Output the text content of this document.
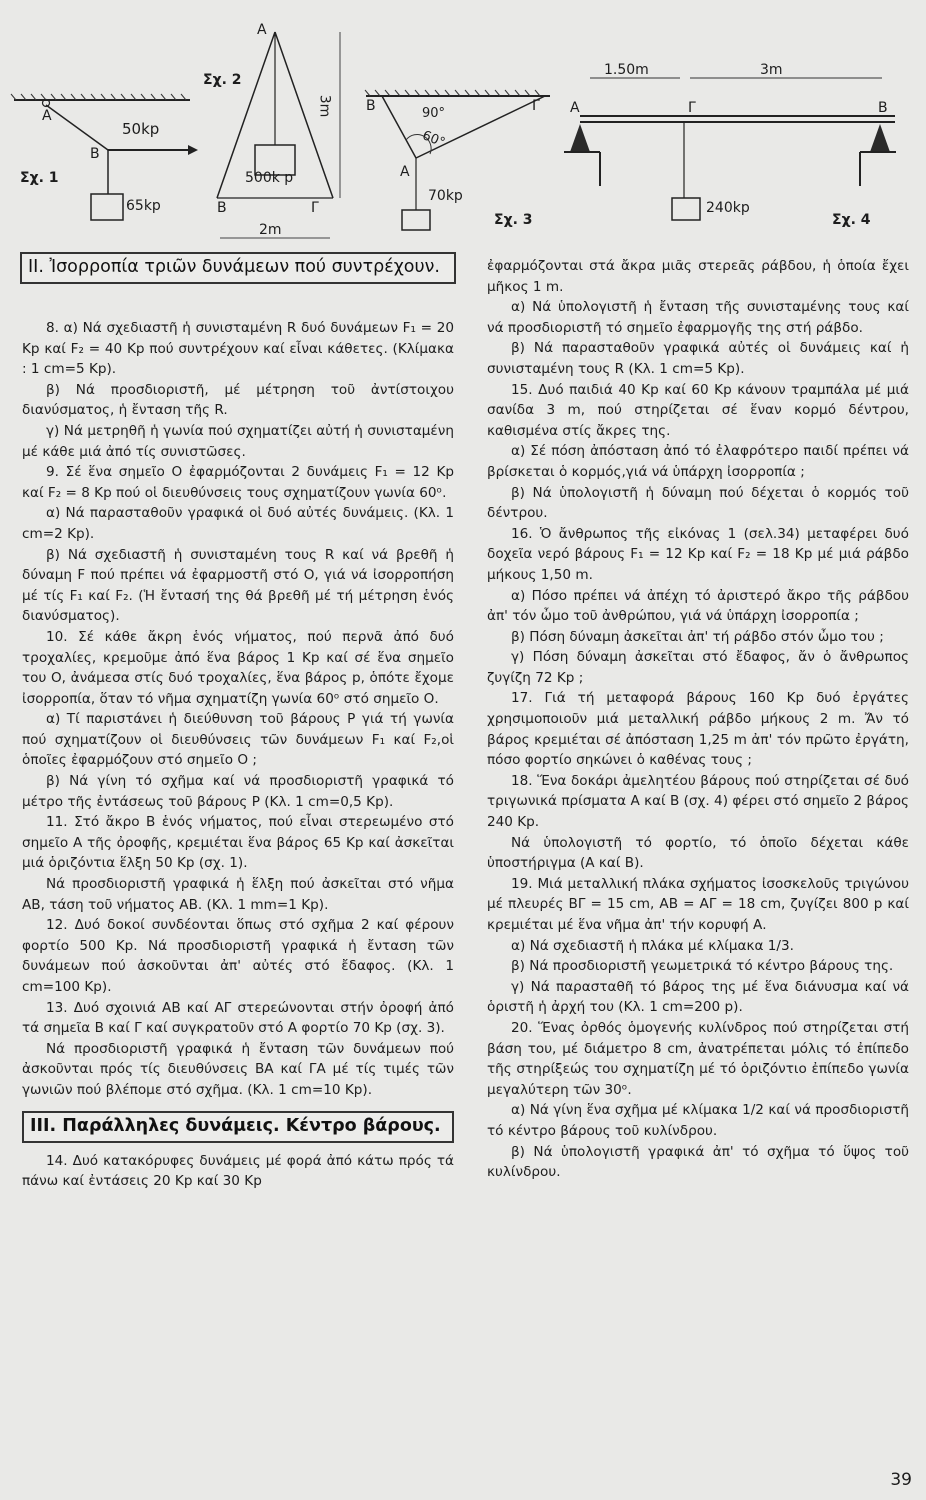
A
50kp
B
Σχ. 1
65kp
Σχ. 2
A
3m
500k p
B	Γ
2m
B	90°
60°
Γ
A
70kp
Σχ. 3
1.50m	3m
A	Γ	B
240kp
Σχ. 4
ΙΙ. Ἰσορροπία τριῶν δυνάμεων πού συντρέχουν.

8. α) Νά σχεδιαστῆ ἡ συνισταμένη R δυό δυνάμεων F₁ = 20 Kp καί F₂ = 40 Kp πού συντρέχουν καί εἶναι κάθετες. (Κλίμακα : 1 cm=5 Kp).

β) Νά προσδιοριστῆ, μέ μέτρηση τοῦ ἀντίστοιχου διανύσματος, ἡ ἔνταση τῆς R.

γ) Νά μετρηθῆ ἡ γωνία πού σχηματίζει αὐτή ἡ συνισταμένη μέ κάθε μιά ἀπό τίς συνιστῶσες.

9. Σέ ἕνα σημεῖο Ο ἐφαρμόζονται 2 δυνάμεις F₁ = 12 Kp καί F₂ = 8 Kp πού οἱ διευθύνσεις τους σχηματίζουν γωνία 60ᵒ.

α) Νά παρασταθοῦν γραφικά οἱ δυό αὐτές δυνάμεις. (Κλ. 1 cm=2 Kp).

β) Νά σχεδιαστῆ ἡ συνισταμένη τους R καί νά βρεθῆ ἡ δύναμη F πού πρέπει νά ἐφαρμοστῆ στό Ο, γιά νά ἰσορροπήση μέ τίς F₁ καί F₂. (Ἡ ἔντασή της θά βρεθῆ μέ τή μέτρηση ἑνός διανύσματος).

10. Σέ κάθε ἄκρη ἑνός νήματος, πού περνᾶ ἀπό δυό τροχαλίες, κρεμοῦμε ἀπό ἕνα βάρος 1 Kp καί σέ ἕνα σημεῖο του Ο, ἀνάμεσα στίς δυό τροχαλίες, ἕνα βάρος p, ὁπότε ἔχομε ἰσορροπία, ὅταν τό νῆμα σχηματίζη γωνία 60ᵒ στό σημεῖο Ο.

α) Τί παριστάνει ἡ διεύθυνση τοῦ βάρους P γιά τή γωνία πού σχηματίζουν οἱ διευθύνσεις τῶν δυνάμεων F₁ καί F₂,οἱ ὁποῖες ἐφαρμόζουν στό σημεῖο Ο ;

β) Νά γίνη τό σχῆμα καί νά προσδιοριστῆ γραφικά τό μέτρο τῆς ἐντάσεως τοῦ βάρους P (Κλ. 1 cm=0,5 Kp).

11. Στό ἄκρο Β ἑνός νήματος, πού εἶναι στερεωμένο στό σημεῖο Α τῆς ὀροφῆς, κρεμιέται ἕνα βάρος 65 Kp καί ἀσκεῖται μιά ὁριζόντια ἕλξη 50 Kp (σχ. 1).

Νά προσδιοριστῆ γραφικά ἡ ἕλξη πού ἀσκεῖται στό νῆμα ΑΒ, τάση τοῦ νήματος ΑΒ. (Κλ. 1 mm=1 Kp).

12. Δυό δοκοί συνδέονται ὅπως στό σχῆμα 2 καί φέρουν φορτίο 500 Kp. Νά προσδιοριστῆ γραφικά ἡ ἔνταση τῶν δυνάμεων πού ἀσκοῦνται ἀπ' αὐτές στό ἔδαφος. (Κλ. 1 cm=100 Kp).

13. Δυό σχοινιά ΑΒ καί ΑΓ στερεώνονται στήν ὀροφή ἀπό τά σημεῖα Β καί Γ καί συγκρατοῦν στό Α φορτίο 70 Kp (σχ. 3).

Νά προσδιοριστῆ γραφικά ἡ ἔνταση τῶν δυνάμεων πού ἀσκοῦνται πρός τίς διευθύνσεις ΒΑ καί ΓΑ μέ τίς τιμές τῶν γωνιῶν πού βλέπομε στό σχῆμα. (Κλ. 1 cm=10 Kp).

ΙΙΙ. Παράλληλες δυνάμεις. Κέντρο βάρους.

14. Δυό κατακόρυφες δυνάμεις μέ φορά ἀπό κάτω πρός τά πάνω καί ἐντάσεις 20 Kp καί 30 Kp

ἐφαρμόζονται στά ἄκρα μιᾶς στερεᾶς ράβδου, ἡ ὁποία ἔχει μῆκος 1 m.

α) Νά ὑπολογιστῆ ἡ ἔνταση τῆς συνισταμένης τους καί νά προσδιοριστῆ τό σημεῖο ἐφαρμογῆς της στή ράβδο.

β) Νά παρασταθοῦν γραφικά αὐτές οἱ δυνάμεις καί ἡ συνισταμένη τους R (Κλ. 1 cm=5 Kp).

15. Δυό παιδιά 40 Kp καί 60 Kp κάνουν τραμπάλα μέ μιά σανίδα 3 m, πού στηρίζεται σέ ἕναν κορμό δέντρου, καθισμένα στίς ἄκρες της.

α) Σέ πόση ἀπόσταση ἀπό τό ἐλαφρότερο παιδί πρέπει νά βρίσκεται ὁ κορμός,γιά νά ὑπάρχη ἰσορροπία ;

β) Νά ὑπολογιστῆ ἡ δύναμη πού δέχεται ὁ κορμός τοῦ δέντρου.

16. Ὁ ἄνθρωπος τῆς εἰκόνας 1 (σελ.34) μεταφέρει δυό δοχεῖα νερό βάρους F₁ = 12 Kp καί F₂ = 18 Kp μέ μιά ράβδο μήκους 1,50 m.

α) Πόσο πρέπει νά ἀπέχη τό ἀριστερό ἄκρο τῆς ράβδου ἀπ' τόν ὦμο τοῦ ἀνθρώπου, γιά νά ὑπάρχη ἰσορροπία ;

β) Πόση δύναμη ἀσκεῖται ἀπ' τή ράβδο στόν ὦμο του ;

γ) Πόση δύναμη ἀσκεῖται στό ἔδαφος, ἄν ὁ ἄνθρωπος ζυγίζη 72 Kp ;

17. Γιά τή μεταφορά βάρους 160 Kp δυό ἐργάτες χρησιμοποιοῦν μιά μεταλλική ράβδο μήκους 2 m. Ἄν τό βάρος κρεμιέται σέ ἀπόσταση 1,25 m ἀπ' τόν πρῶτο ἐργάτη, πόσο φορτίο σηκώνει ὁ καθένας τους ;

18. Ἕνα δοκάρι ἀμελητέου βάρους πού στηρίζεται σέ δυό τριγωνικά πρίσματα Α καί Β (σχ. 4) φέρει στό σημεῖο 2 βάρος 240 Kp.

Νά ὑπολογιστῆ τό φορτίο, τό ὁποῖο δέχεται κάθε ὑποστήριγμα (Α καί Β).

19. Μιά μεταλλική πλάκα σχήματος ἰσοσκελοῦς τριγώνου μέ πλευρές ΒΓ = 15 cm, ΑΒ = ΑΓ = 18 cm, ζυγίζει 800 p καί κρεμιέται μέ ἕνα νῆμα ἀπ' τήν κορυφή Α.

α) Νά σχεδιαστῆ ἡ πλάκα μέ κλίμακα 1/3.

β) Νά προσδιοριστῆ γεωμετρικά τό κέντρο βάρους της.

γ) Νά παρασταθῆ τό βάρος της μέ ἕνα διάνυσμα καί νά ὁριστῆ ἡ ἀρχή του (Κλ. 1 cm=200 p).

20. Ἕνας ὀρθός ὁμογενής κυλίνδρος πού στηρίζεται στή βάση του, μέ διάμετρο 8 cm, ἀνατρέπεται μόλις τό ἐπίπεδο τῆς στηρίξεώς του σχηματίζη μέ τό ὁριζόντιο ἐπίπεδο γωνία μεγαλύτερη τῶν 30ᵒ.

α) Νά γίνη ἕνα σχῆμα μέ κλίμακα 1/2 καί νά προσδιοριστῆ τό κέντρο βάρους τοῦ κυλίνδρου.

β) Νά ὑπολογιστῆ γραφικά ἀπ' τό σχῆμα τό ὕψος τοῦ κυλίνδρου.

39
